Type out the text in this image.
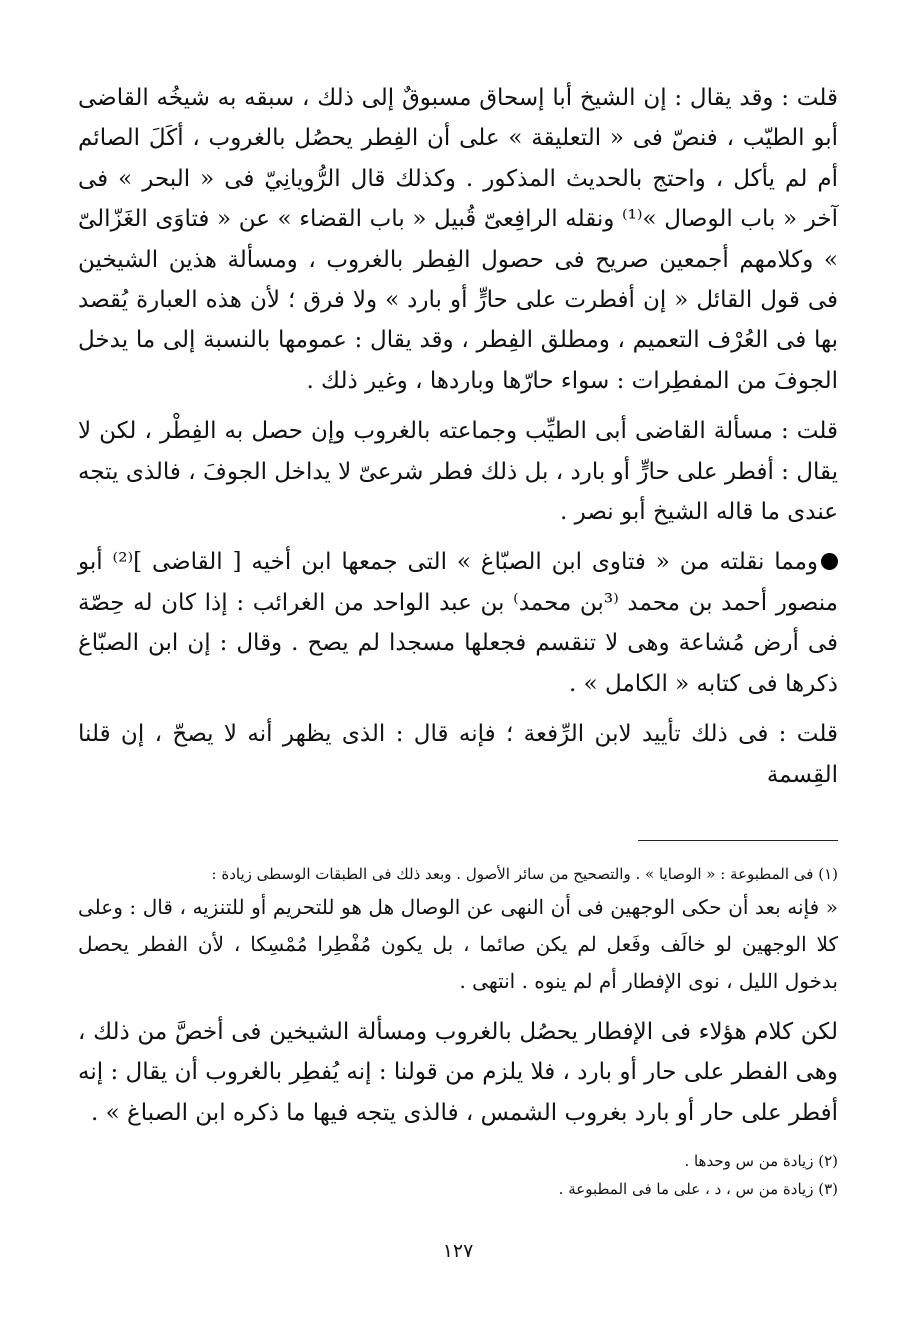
قلت : وقد يقال : إن الشيخ أبا إسحاق مسبوقٌ إلى ذلك ، سبقه به شيخُه القاضى أبو الطيّب ، فنصّ فى « التعليقة » على أن الفِطر يحصُل بالغروب ، أكَلَ الصائم أم لم يأكل ، واحتج بالحديث المذكور . وكذلك قال الرُّويانِيّ فى « البحر » فى آخر « باب الوصال »⁽¹⁾ ونقله الرافِعىّ قُبيل « باب القضاء » عن « فتاوَى الغَزّالىّ » وكلامهم أجمعين صريح فى حصول الفِطر بالغروب ، ومسألة هذين الشيخين فى قول القائل « إن أفطرت على حارٍّ أو بارد » ولا فرق ؛ لأن هذه العبارة يُقصد بها فى العُرْف التعميم ، ومطلق الفِطر ، وقد يقال : عمومها بالنسبة إلى ما يدخل الجوفَ من المفطِرات : سواء حارّها وباردها ، وغير ذلك .

قلت : مسألة القاضى أبى الطيِّب وجماعته بالغروب وإن حصل به الفِطْر ، لكن لا يقال : أفطر على حارٍّ أو بارد ، بل ذلك فطر شرعىّ لا يداخل الجوفَ ، فالذى يتجه عندى ما قاله الشيخ أبو نصر .

ومما نقلته من « فتاوى ابن الصبّاغ » التى جمعها ابن أخيه [ القاضى ]⁽²⁾ أبو منصور أحمد بن محمد ⁽³بن محمد⁾ بن عبد الواحد من الغرائب : إذا كان له حِصّة فى أرض مُشاعة وهى لا تنقسم فجعلها مسجدا لم يصح . وقال : إن ابن الصبّاغ ذكرها فى كتابه « الكامل » .

قلت : فى ذلك تأييد لابن الرِّفعة ؛ فإنه قال : الذى يظهر أنه لا يصحّ ، إن قلنا القِسمة

(١) فى المطبوعة : « الوصايا » . والتصحيح من سائر الأصول . وبعد ذلك فى الطبقات الوسطى زيادة :

« فإنه بعد أن حكى الوجهين فى أن النهى عن الوصال هل هو للتحريم أو للتنزيه ، قال : وعلى كلا الوجهين لو خالَف وفَعل لم يكن صائما ، بل يكون مُفْطِرا مُمْسِكا ، لأن الفطر يحصل بدخول الليل ، نوى الإفطار أم لم ينوه . انتهى .

لكن كلام هؤلاء فى الإفطار يحصُل بالغروب ومسألة الشيخين فى أخصَّ من ذلك ، وهى الفطر على حار أو بارد ، فلا يلزم من قولنا : إنه يُفطِر بالغروب أن يقال : إنه أفطر على حار أو بارد بغروب الشمس ، فالذى يتجه فيها ما ذكره ابن الصباغ » .

(٢) زيادة من س وحدها .

(٣) زيادة من س ، د ، على ما فى المطبوعة .

١٢٧
